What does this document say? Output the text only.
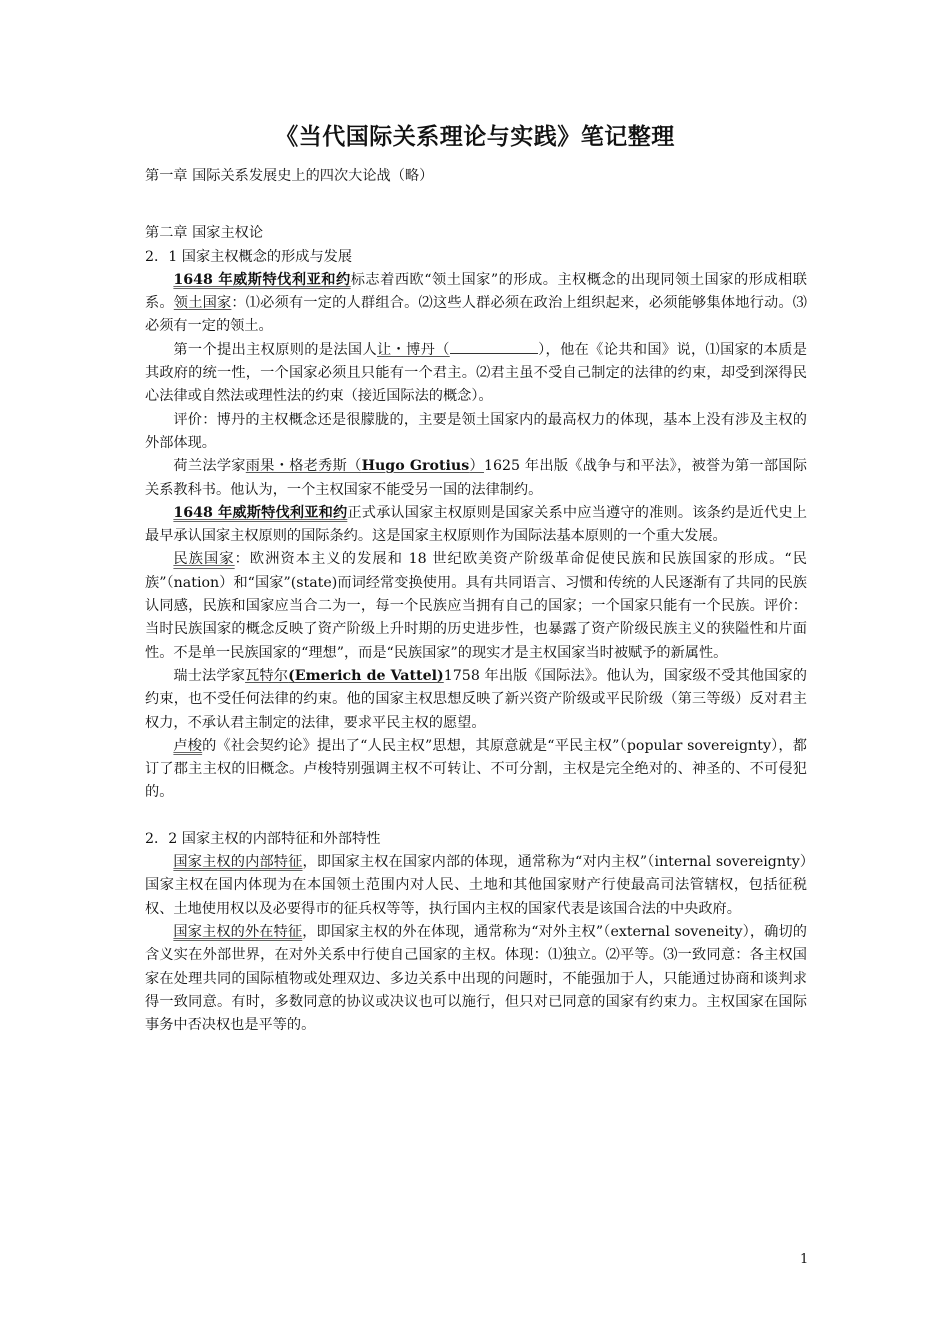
《当代国际关系理论与实践》笔记整理

第一章 国际关系发展史上的四次大论战（略）

第二章 国家主权论

2．1 国家主权概念的形成与发展

1648 年威斯特伐利亚和约标志着西欧“领土国家”的形成。主权概念的出现同领土国家的形成相联系。领土国家：⑴必须有一定的人群组合。⑵这些人群必须在政治上组织起来，必须能够集体地行动。⑶必须有一定的领土。

第一个提出主权原则的是法国人让・博丹（	），他在《论共和国》说，⑴国家的本质是其政府的统一性，一个国家必须且只能有一个君主。⑵君主虽不受自己制定的法律的约束，却受到深得民心法律或自然法或理性法的约束（接近国际法的概念）。

评价：博丹的主权概念还是很朦胧的，主要是领土国家内的最高权力的体现，基本上没有涉及主权的外部体现。

荷兰法学家雨果・格老秀斯（Hugo Grotius）1625 年出版《战争与和平法》，被誉为第一部国际关系教科书。他认为，一个主权国家不能受另一国的法律制约。

1648 年威斯特伐利亚和约正式承认国家主权原则是国家关系中应当遵守的准则。该条约是近代史上最早承认国家主权原则的国际条约。这是国家主权原则作为国际法基本原则的一个重大发展。

民族国家：欧洲资本主义的发展和 18 世纪欧美资产阶级革命促使民族和民族国家的形成。“民族”（nation）和“国家”(state)而词经常变换使用。具有共同语言、习惯和传统的人民逐渐有了共同的民族认同感，民族和国家应当合二为一，每一个民族应当拥有自己的国家；一个国家只能有一个民族。评价：当时民族国家的概念反映了资产阶级上升时期的历史进步性，也暴露了资产阶级民族主义的狭隘性和片面性。不是单一民族国家的“理想”，而是“民族国家”的现实才是主权国家当时被赋予的新属性。

瑞士法学家瓦特尔(Emerich de Vattel)1758 年出版《国际法》。他认为，国家级不受其他国家的约束，也不受任何法律的约束。他的国家主权思想反映了新兴资产阶级或平民阶级（第三等级）反对君主权力，不承认君主制定的法律，要求平民主权的愿望。

卢梭的《社会契约论》提出了“人民主权”思想，其原意就是“平民主权”（popular sovereignty），都订了郡主主权的旧概念。卢梭特别强调主权不可转让、不可分割，主权是完全绝对的、神圣的、不可侵犯的。

2．2 国家主权的内部特征和外部特性

国家主权的内部特征，即国家主权在国家内部的体现，通常称为“对内主权”（internal sovereignty）国家主权在国内体现为在本国领土范围内对人民、土地和其他国家财产行使最高司法管辖权，包括征税权、土地使用权以及必要得市的征兵权等等，执行国内主权的国家代表是该国合法的中央政府。

国家主权的外在特征，即国家主权的外在体现，通常称为“对外主权”（external soveneity），确切的含义实在外部世界，在对外关系中行使自己国家的主权。体现：⑴独立。⑵平等。⑶一致同意：各主权国家在处理共同的国际植物或处理双边、多边关系中出现的问题时，不能强加于人，只能通过协商和谈判求得一致同意。有时，多数同意的协议或决议也可以施行，但只对已同意的国家有约束力。主权国家在国际事务中否决权也是平等的。

1
